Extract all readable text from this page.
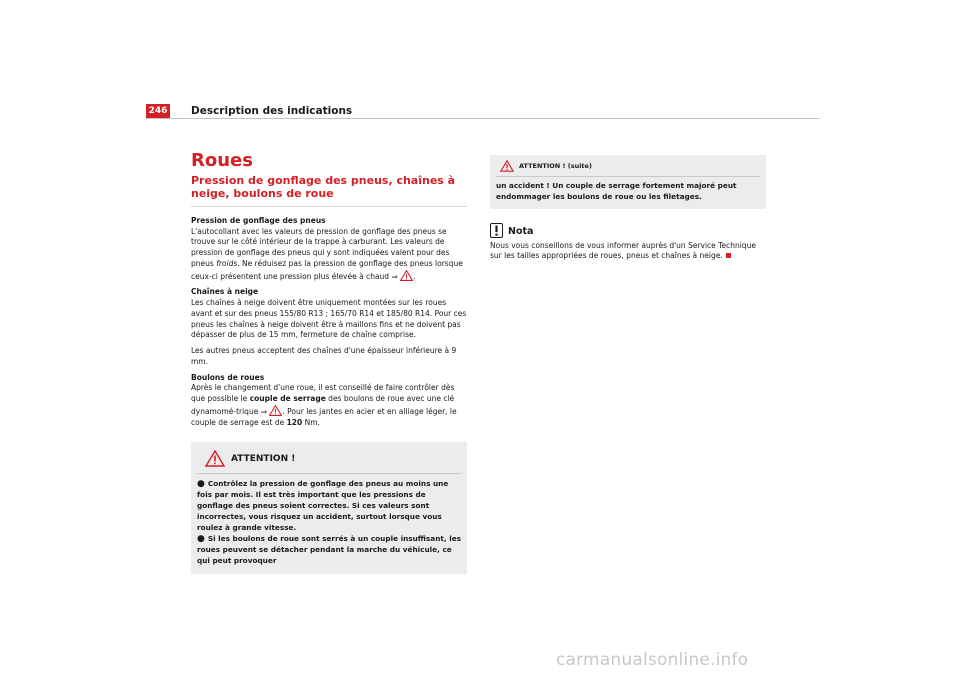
246 Description des indications
Roues
Pression de gonflage des pneus, chaînes à neige, boulons de roue
Pression de gonflage des pneus

L'autocollant avec les valeurs de pression de gonflage des pneus se trouve sur le côté intérieur de la trappe à carburant. Les valeurs de pression de gonflage des pneus qui y sont indiquées valent pour des pneus froids. Ne réduisez pas la pression de gonflage des pneus lorsque ceux-ci présentent une pression plus élevée à chaud ⇒ .

Chaînes à neige

Les chaînes à neige doivent être uniquement montées sur les roues avant et sur des pneus 155/80 R13 ; 165/70 R14 et 185/80 R14. Pour ces pneus les chaînes à neige doivent être à maillons fins et ne doivent pas dépasser de plus de 15 mm, fermeture de chaîne comprise.

Les autres pneus acceptent des chaînes d'une épaisseur inférieure à 9 mm.

Boulons de roues

Après le changement d'une roue, il est conseillé de faire contrôler dès que possible le couple de serrage des boulons de roue avec une clé dynamomé-trique ⇒ . Pour les jantes en acier et en alliage léger, le couple de serrage est de 120 Nm.

ATTENTION !

● Contrôlez la pression de gonflage des pneus au moins une fois par mois. Il est très important que les pressions de gonflage des pneus soient correctes. Si ces valeurs sont incorrectes, vous risquez un accident, surtout lorsque vous roulez à grande vitesse.

● Si les boulons de roue sont serrés à un couple insuffisant, les roues peuvent se détacher pendant la marche du véhicule, ce qui peut provoquer

ATTENTION ! (suite)

un accident ! Un couple de serrage fortement majoré peut endommager les boulons de roue ou les filetages.

Nota

Nous vous conseillons de vous informer auprès d'un Service Technique sur les tailles appropriées de roues, pneus et chaînes à neige.

carmanualsonline.info
